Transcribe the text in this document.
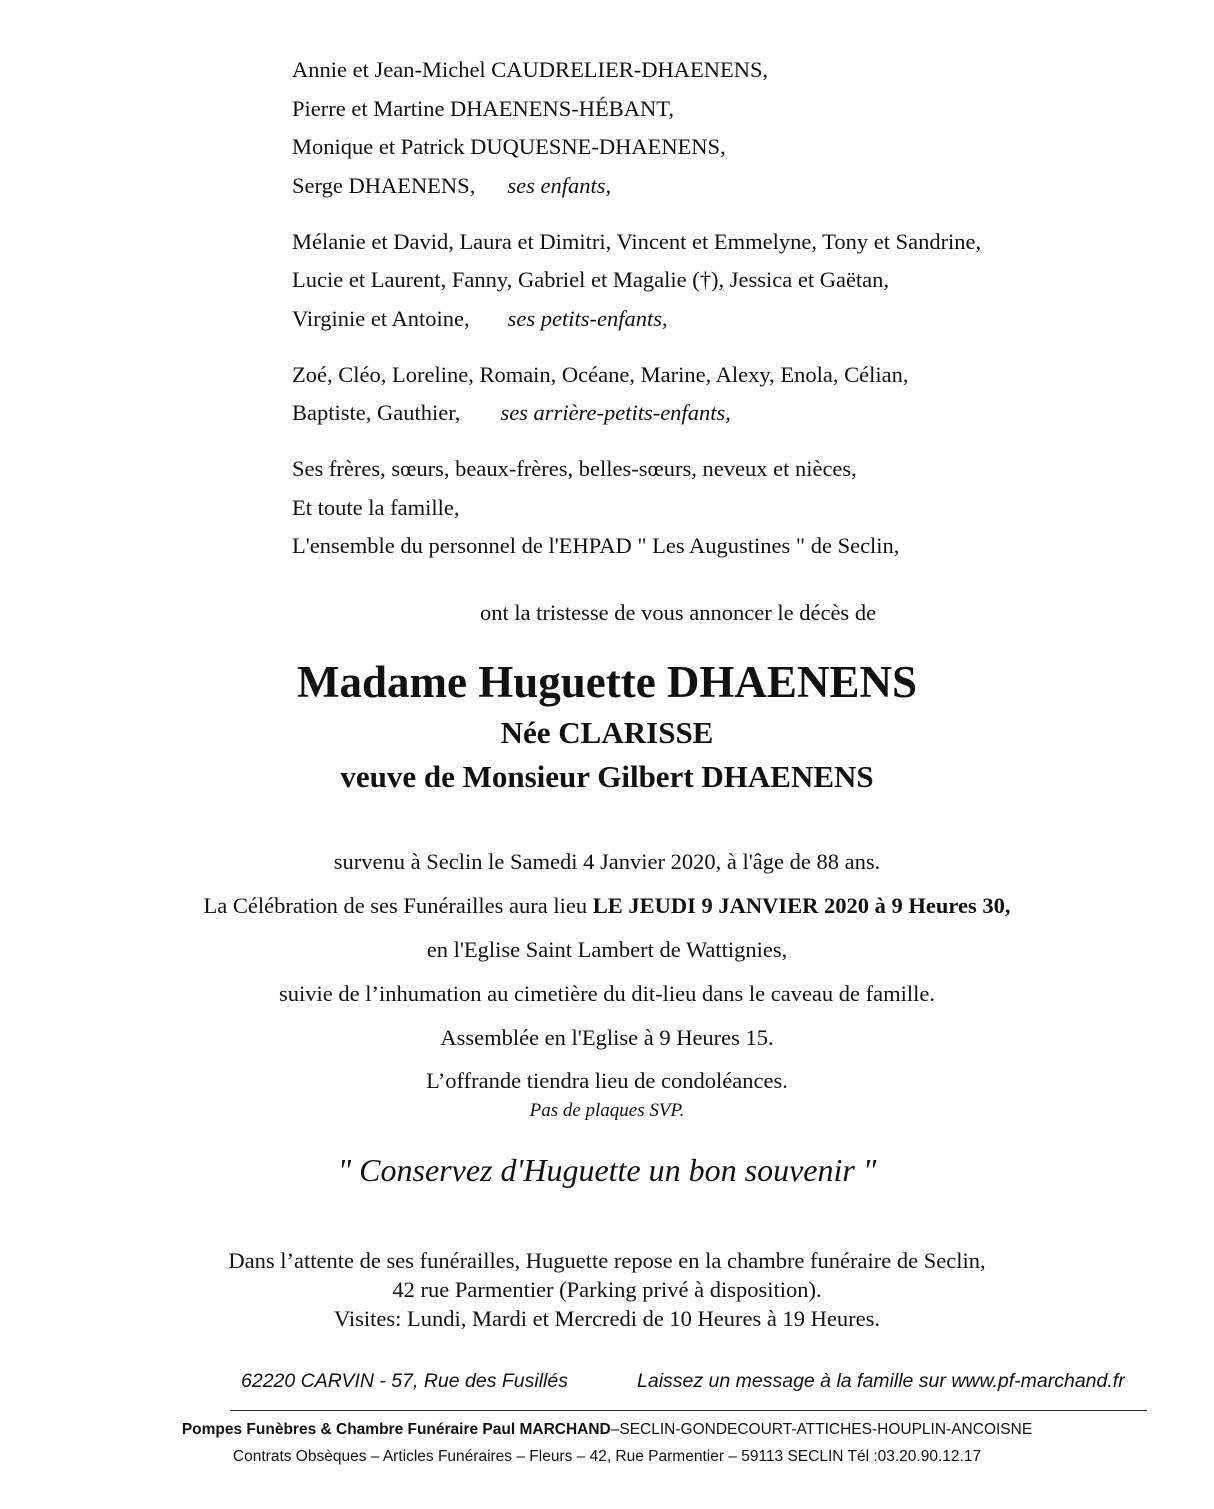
Annie et Jean-Michel CAUDRELIER-DHAENENS,
Pierre et Martine DHAENENS-HÉBANT,
Monique et Patrick DUQUESNE-DHAENENS,
Serge DHAENENS, ses enfants,
Mélanie et David, Laura et Dimitri, Vincent et Emmelyne, Tony et Sandrine,
Lucie et Laurent, Fanny, Gabriel et Magalie (†), Jessica et Gaëtan,
Virginie et Antoine, ses petits-enfants,
Zoé, Cléo, Loreline, Romain, Océane, Marine, Alexy, Enola, Célian,
Baptiste, Gauthier, ses arrière-petits-enfants,
Ses frères, sœurs, beaux-frères, belles-sœurs, neveux et nièces,
Et toute la famille,
L'ensemble du personnel de l'EHPAD " Les Augustines " de Seclin,
ont la tristesse de vous annoncer le décès de
Madame Huguette DHAENENS
Née CLARISSE
veuve de Monsieur Gilbert DHAENENS
survenu à Seclin le Samedi 4 Janvier 2020, à l'âge de 88 ans.
La Célébration de ses Funérailles aura lieu LE JEUDI 9 JANVIER 2020 à 9 Heures 30,
en l'Eglise Saint Lambert de Wattignies,
suivie de l’inhumation au cimetière du dit-lieu dans le caveau de famille.
Assemblée en l'Eglise à 9 Heures 15.
L’offrande tiendra lieu de condoléances.
Pas de plaques SVP.
" Conservez d'Huguette un bon souvenir "
Dans l’attente de ses funérailles, Huguette repose en la chambre funéraire de Seclin,
42 rue Parmentier (Parking privé à disposition).
Visites: Lundi, Mardi et Mercredi de 10 Heures à 19 Heures.
62220 CARVIN - 57, Rue des Fusillés	Laissez un message à la famille sur www.pf-marchand.fr
Pompes Funèbres & Chambre Funéraire Paul MARCHAND–SECLIN-GONDECOURT-ATTICHES-HOUPLIN-ANCOISNE
Contrats Obsèques – Articles Funéraires – Fleurs – 42, Rue Parmentier – 59113 SECLIN Tél :03.20.90.12.17
